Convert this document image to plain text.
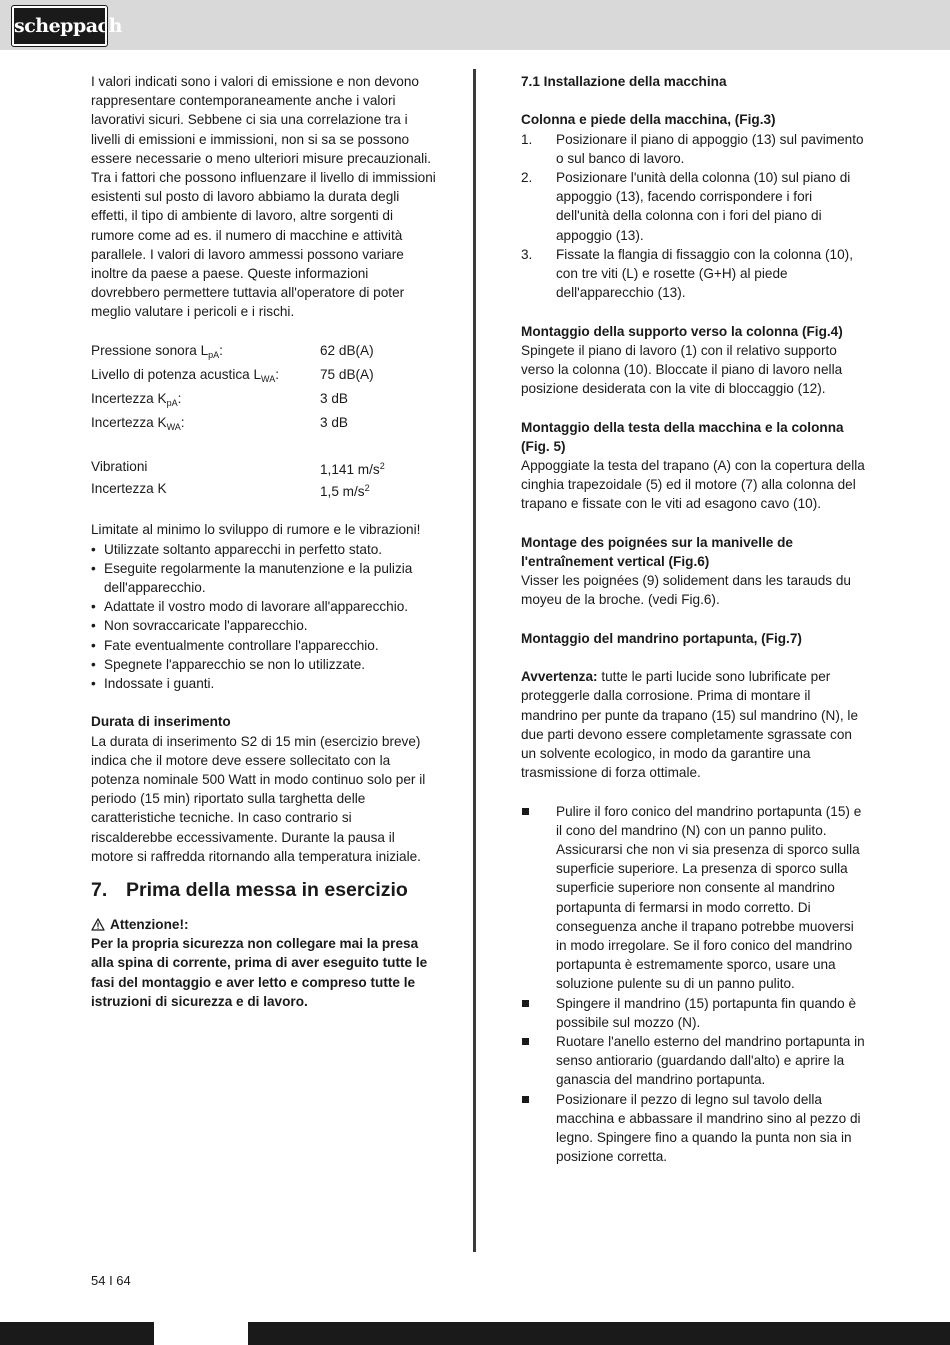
scheppach

I valori indicati sono i valori di emissione e non devono rappresentare contemporaneamente anche i valori lavorativi sicuri. Sebbene ci sia una correlazione tra i livelli di emissioni e immissioni, non si sa se possono essere necessarie o meno ulteriori misure precauzionali. Tra i fattori che possono influenzare il livello di immissioni esistenti sul posto di lavoro abbiamo la durata degli effetti, il tipo di ambiente di lavoro, altre sorgenti di rumore come ad es. il numero di macchine e attività parallele. I valori di lavoro ammessi possono variare inoltre da paese a paese. Queste informazioni dovrebbero permettere tuttavia all'operatore di poter meglio valutare i pericoli e i rischi.

Pressione sonora $L_{pA}$:	62 dB(A)
Livello di potenza acustica $L_{WA}$:	75 dB(A)
Incertezza $K_{pA}$:	3 dB
Incertezza $K_{WA}$:	3 dB
Vibrationi	1,141 $m/s^2$
Incertezza K	1,5 $m/s^2$

Limitate al minimo lo sviluppo di rumore e le vibrazioni!

• Utilizzate soltanto apparecchi in perfetto stato.
• Eseguite regolarmente la manutenzione e la pulizia dell'apparecchio.
• Adattate il vostro modo di lavorare all'apparecchio.
• Non sovraccaricate l'apparecchio.
• Fate eventualmente controllare l'apparecchio.
• Spegnete l'apparecchio se non lo utilizzate.
• Indossate i guanti.

Durata di inserimento

La durata di inserimento S2 di 15 min (esercizio breve) indica che il motore deve essere sollecitato con la potenza nominale 500 Watt in modo continuo solo per il periodo (15 min) riportato sulla targhetta delle caratteristiche tecniche. In caso contrario si riscalderebbe eccessivamente. Durante la pausa il motore si raffredda ritornando alla temperatura iniziale.

7. Prima della messa in esercizio
Attenzione!:

Per la propria sicurezza non collegare mai la presa alla spina di corrente, prima di aver eseguito tutte le fasi del montaggio e aver letto e compreso tutte le istruzioni di sicurezza e di lavoro.

7.1 Installazione della macchina

Colonna e piede della macchina, (Fig.3)

1. Posizionare il piano di appoggio (13) sul pavimento o sul banco di lavoro.
2. Posizionare l'unità della colonna (10) sul piano di appoggio (13), facendo corrispondere i fori dell'unità della colonna con i fori del piano di appoggio (13).
3. Fissate la flangia di fissaggio con la colonna (10), con tre viti (L) e rosette (G+H) al piede dell'apparecchio (13).

Montaggio della supporto verso la colonna (Fig.4)

Spingete il piano di lavoro (1) con il relativo supporto verso la colonna (10). Bloccate il piano di lavoro nella posizione desiderata con la vite di bloccaggio (12).

Montaggio della testa della macchina e la colonna (Fig. 5)

Appoggiate la testa del trapano (A) con la copertura della cinghia trapezoidale (5) ed il motore (7) alla colonna del trapano e fissate con le viti ad esagono cavo (10).

Montage des poignées sur la manivelle de l'entraînement vertical (Fig.6)

Visser les poignées (9) solidement dans les tarauds du moyeu de la broche. (vedi Fig.6).

Montaggio del mandrino portapunta, (Fig.7)

Avvertenza: tutte le parti lucide sono lubrificate per proteggerle dalla corrosione. Prima di montare il mandrino per punte da trapano (15) sul mandrino (N), le due parti devono essere completamente sgrassate con un solvente ecologico, in modo da garantire una trasmissione di forza ottimale.

Pulire il foro conico del mandrino portapunta (15) e il cono del mandrino (N) con un panno pulito. Assicurarsi che non vi sia presenza di sporco sulla superficie superiore. La presenza di sporco sulla superficie superiore non consente al mandrino portapunta di fermarsi in modo corretto. Di conseguenza anche il trapano potrebbe muoversi in modo irregolare. Se il foro conico del mandrino portapunta è estremamente sporco, usare una soluzione pulente su di un panno pulito.
Spingere il mandrino (15) portapunta fin quando è possibile sul mozzo (N).
Ruotare l'anello esterno del mandrino portapunta in senso antiorario (guardando dall'alto) e aprire la ganascia del mandrino portapunta.
Posizionare il pezzo di legno sul tavolo della macchina e abbassare il mandrino sino al pezzo di legno. Spingere fino a quando la punta non sia in posizione corretta.
54 I 64
